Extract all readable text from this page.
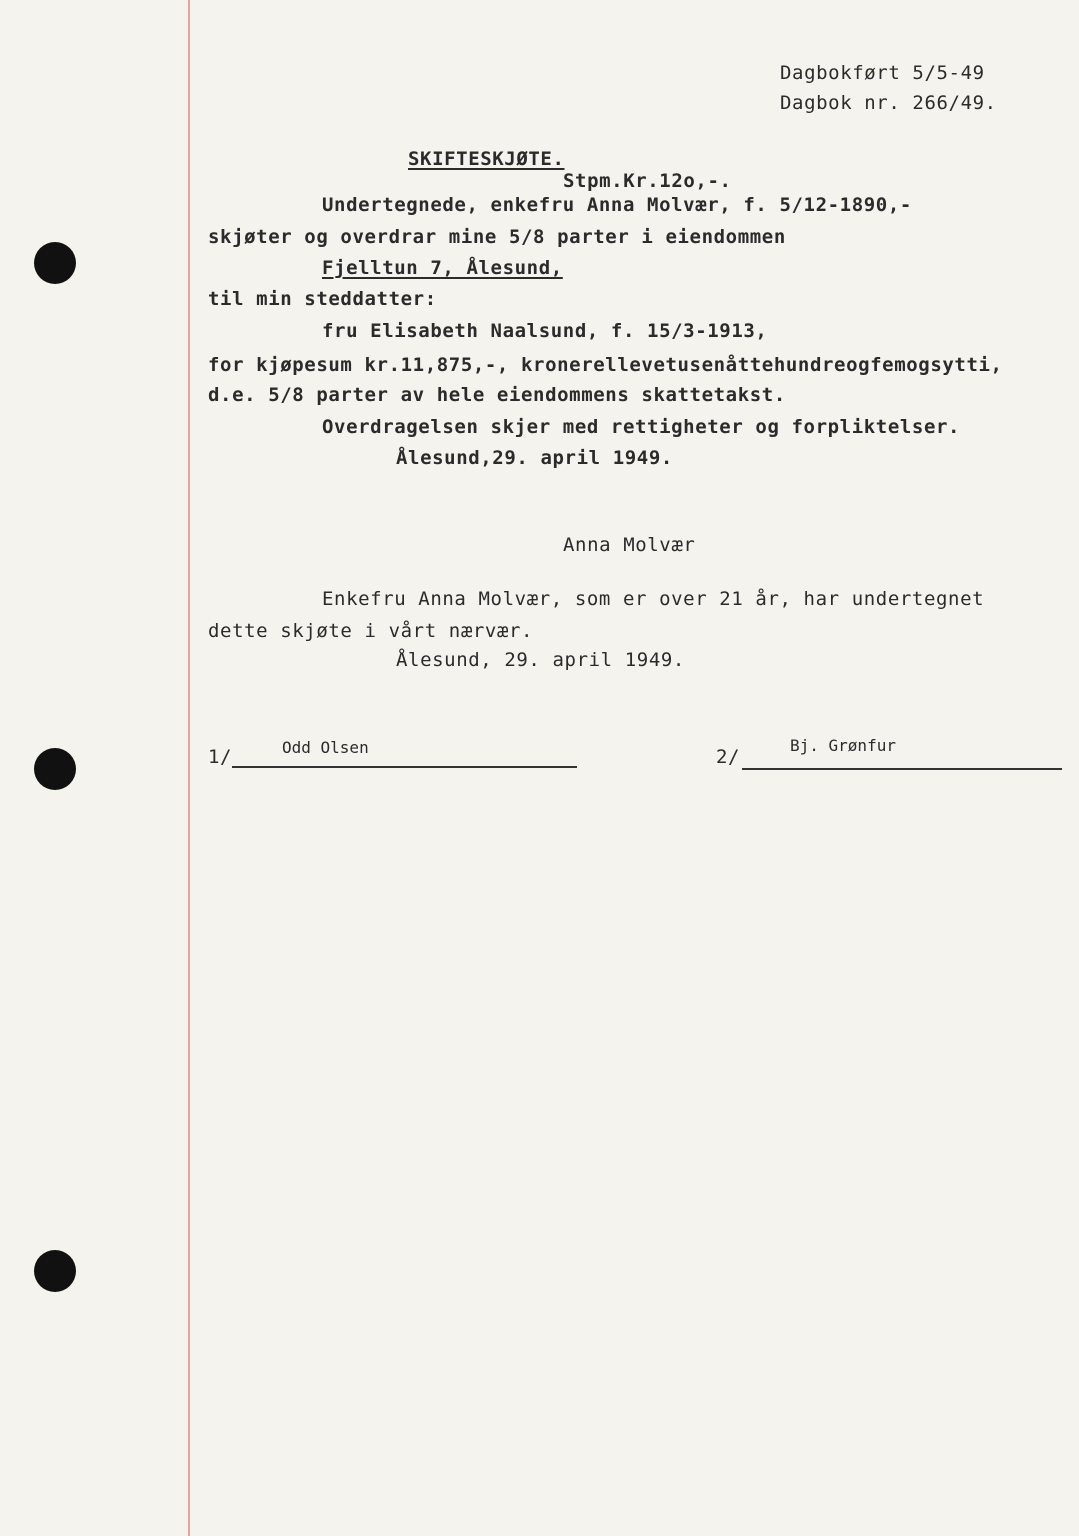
Dagbokført 5/5-49
Dagbok nr. 266/49.
SKIFTESKJØTE.
Stpm.Kr.12o,-.
Undertegnede, enkefru Anna Molvær, f. 5/12-1890,-
skjøter og overdrar mine 5/8 parter i eiendommen
Fjelltun 7, Ålesund,
til min steddatter:
fru Elisabeth Naalsund, f. 15/3-1913,
for kjøpesum kr.11,875,-, kronerellevetusenåttehundreogfemogsytti,
d.e. 5/8 parter av hele eiendommens skattetakst.
Overdragelsen skjer med rettigheter og forpliktelser.
Ålesund,29. april 1949.
Anna Molvær
Enkefru Anna Molvær, som er over 21 år, har undertegnet
dette skjøte i vårt nærvær.
Ålesund, 29. april 1949.
1/	Odd Olsen	2/
Bj. Grønfur
